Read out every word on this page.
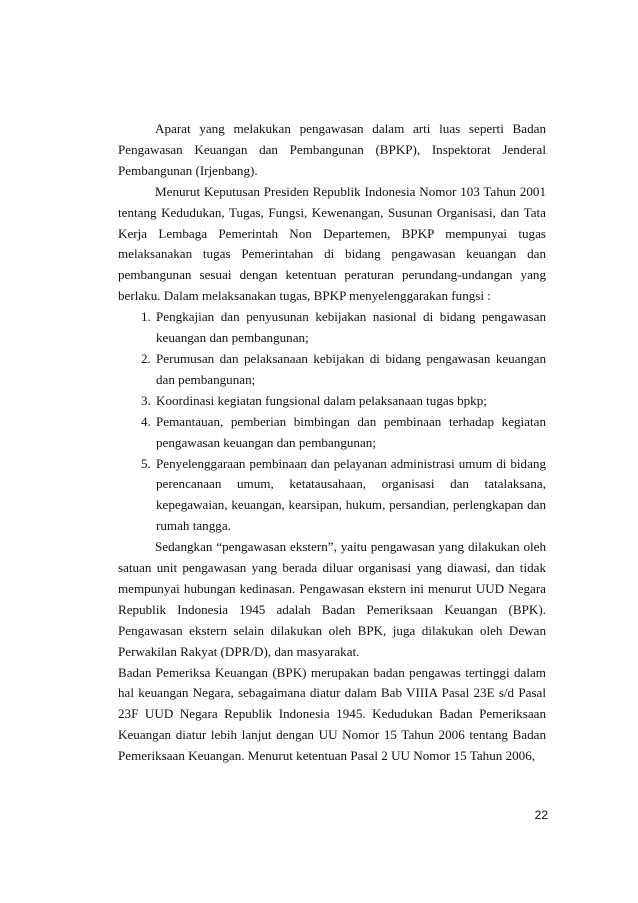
Aparat yang melakukan pengawasan dalam arti luas seperti Badan Pengawasan Keuangan dan Pembangunan (BPKP), Inspektorat Jenderal Pembangunan (Irjenbang).

Menurut Keputusan Presiden Republik Indonesia Nomor 103 Tahun 2001 tentang Kedudukan, Tugas, Fungsi, Kewenangan, Susunan Organisasi, dan Tata Kerja Lembaga Pemerintah Non Departemen, BPKP mempunyai tugas melaksanakan tugas Pemerintahan di bidang pengawasan keuangan dan pembangunan sesuai dengan ketentuan peraturan perundang-undangan yang berlaku. Dalam melaksanakan tugas, BPKP menyelenggarakan fungsi :

1. Pengkajian dan penyusunan kebijakan nasional di bidang pengawasan keuangan dan pembangunan;
2. Perumusan dan pelaksanaan kebijakan di bidang pengawasan keuangan dan pembangunan;
3. Koordinasi kegiatan fungsional dalam pelaksanaan tugas bpkp;
4. Pemantauan, pemberian bimbingan dan pembinaan terhadap kegiatan pengawasan keuangan dan pembangunan;
5. Penyelenggaraan pembinaan dan pelayanan administrasi umum di bidang perencanaan umum, ketatausahaan, organisasi dan tatalaksana, kepegawaian, keuangan, kearsipan, hukum, persandian, perlengkapan dan rumah tangga.

Sedangkan “pengawasan ekstern”, yaitu pengawasan yang dilakukan oleh satuan unit pengawasan yang berada diluar organisasi yang diawasi, dan tidak mempunyai hubungan kedinasan. Pengawasan ekstern ini menurut UUD Negara Republik Indonesia 1945 adalah Badan Pemeriksaan Keuangan (BPK). Pengawasan ekstern selain dilakukan oleh BPK, juga dilakukan oleh Dewan Perwakilan Rakyat (DPR/D), dan masyarakat.

Badan Pemeriksa Keuangan (BPK) merupakan badan pengawas tertinggi dalam hal keuangan Negara, sebagaimana diatur dalam Bab VIIIA Pasal 23E s/d Pasal 23F UUD Negara Republik Indonesia 1945. Kedudukan Badan Pemeriksaan Keuangan diatur lebih lanjut dengan UU Nomor 15 Tahun 2006 tentang Badan Pemeriksaan Keuangan. Menurut ketentuan Pasal 2 UU Nomor 15 Tahun 2006,

22
